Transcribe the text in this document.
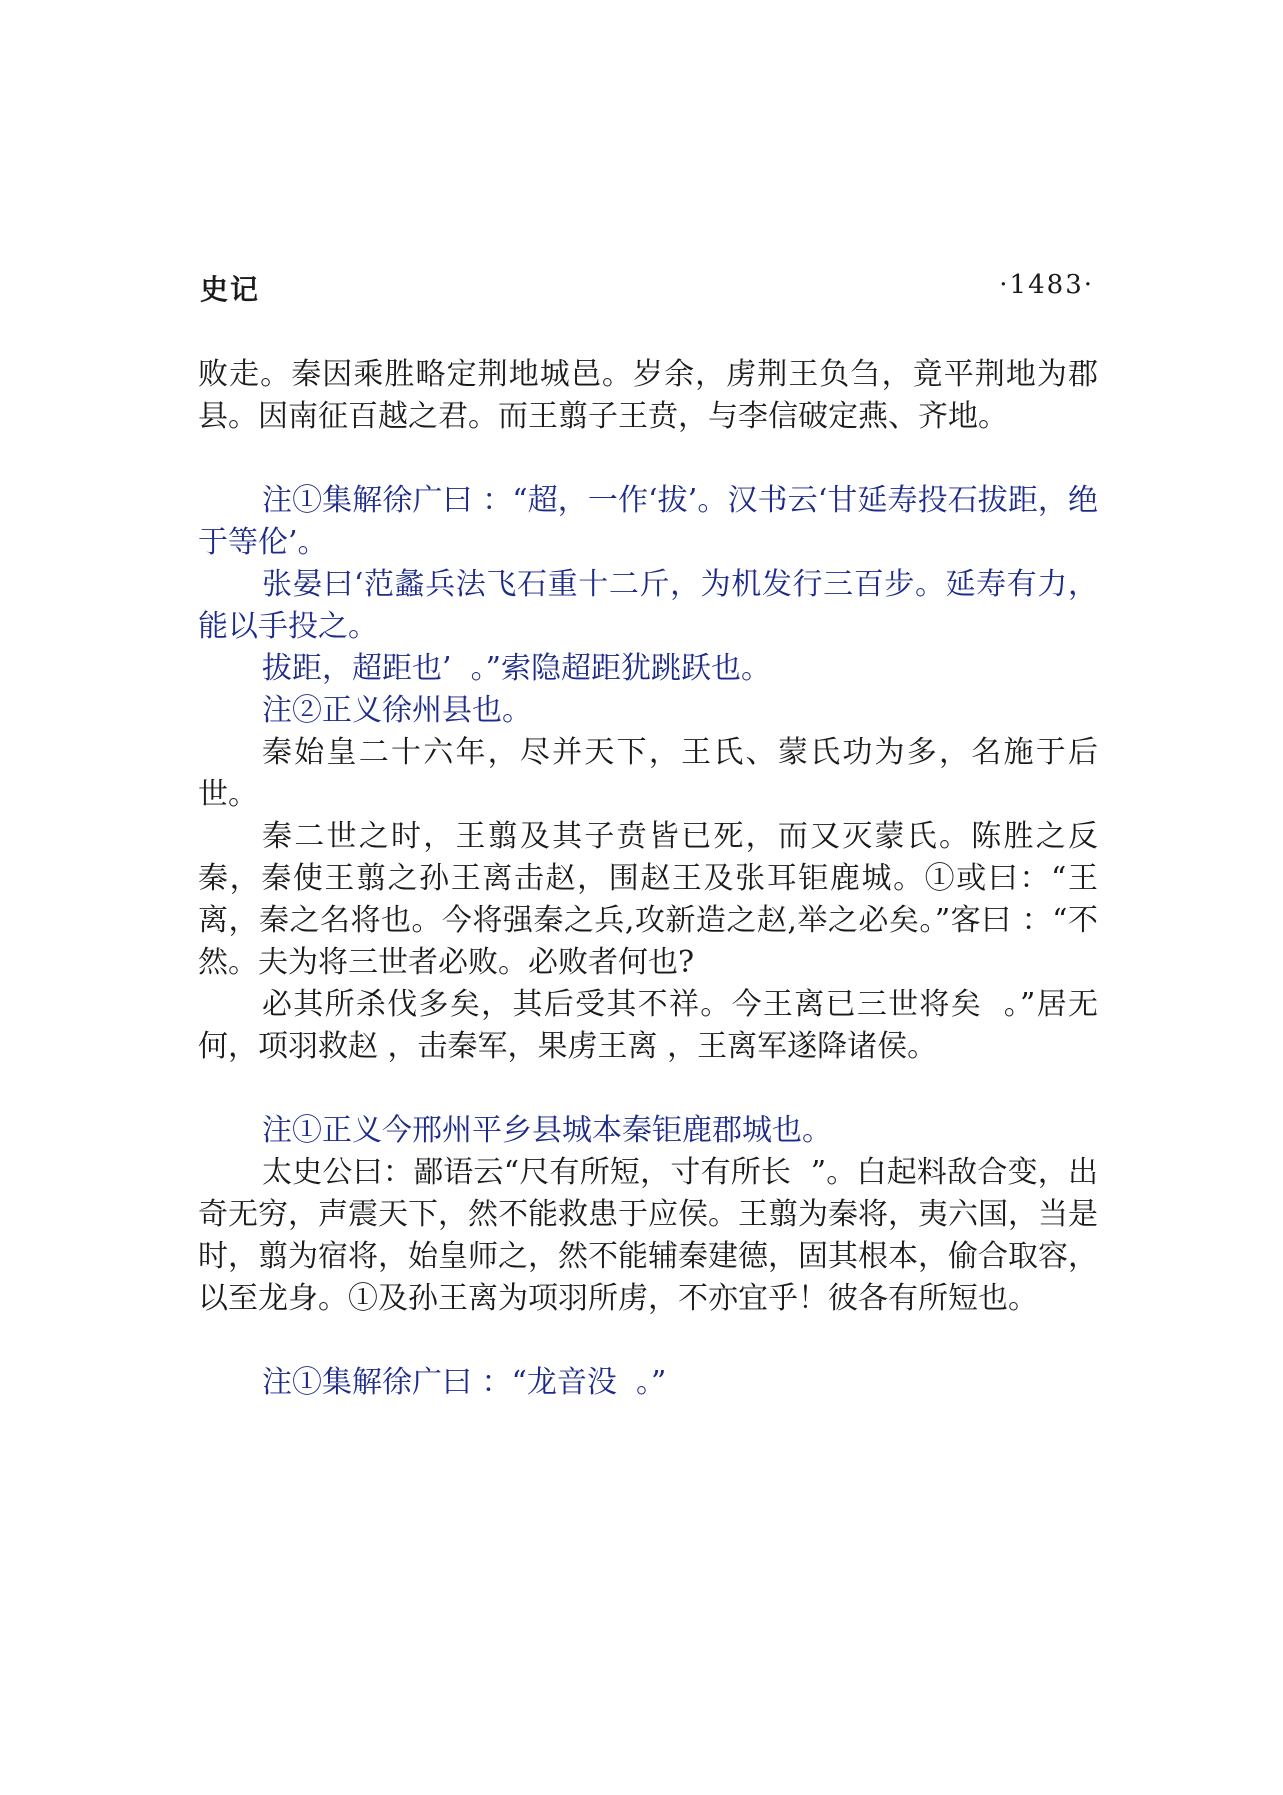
史记	·1483·

败走。秦因乘胜略定荆地城邑。岁余，虏荆王负刍，竟平荆地为郡县。因南征百越之君。而王翦子王贲，与李信破定燕、齐地。

注①集解徐广曰 ：“超，一作‘拔’。汉书云‘甘延寿投石拔距，绝于等伦’。

张晏曰‘范蠡兵法飞石重十二斤，为机发行三百步。延寿有力，能以手投之。

拔距，超距也’  。”索隐超距犹跳跃也。

注②正义徐州县也。

秦始皇二十六年，尽并天下，王氏、蒙氏功为多，名施于后世。

秦二世之时，王翦及其子贲皆已死，而又灭蒙氏。陈胜之反秦，秦使王翦之孙王离击赵，围赵王及张耳钜鹿城。①或曰：“王离，秦之名将也。今将强秦之兵,攻新造之赵,举之必矣。”客曰 ：“不然。夫为将三世者必败。必败者何也?

必其所杀伐多矣，其后受其不祥。今王离已三世将矣  。”居无何，项羽救赵 ，击秦军，果虏王离 ，王离军遂降诸侯。

注①正义今邢州平乡县城本秦钜鹿郡城也。

太史公曰：鄙语云“尺有所短，寸有所长  ”。白起料敌合变，出奇无穷，声震天下，然不能救患于应侯。王翦为秦将，夷六国，当是时，翦为宿将，始皇师之，然不能辅秦建德，固其根本，偷合取容，以至龙身。①及孙王离为项羽所虏，不亦宜乎！彼各有所短也。

注①集解徐广曰 ：“龙音没  。”
